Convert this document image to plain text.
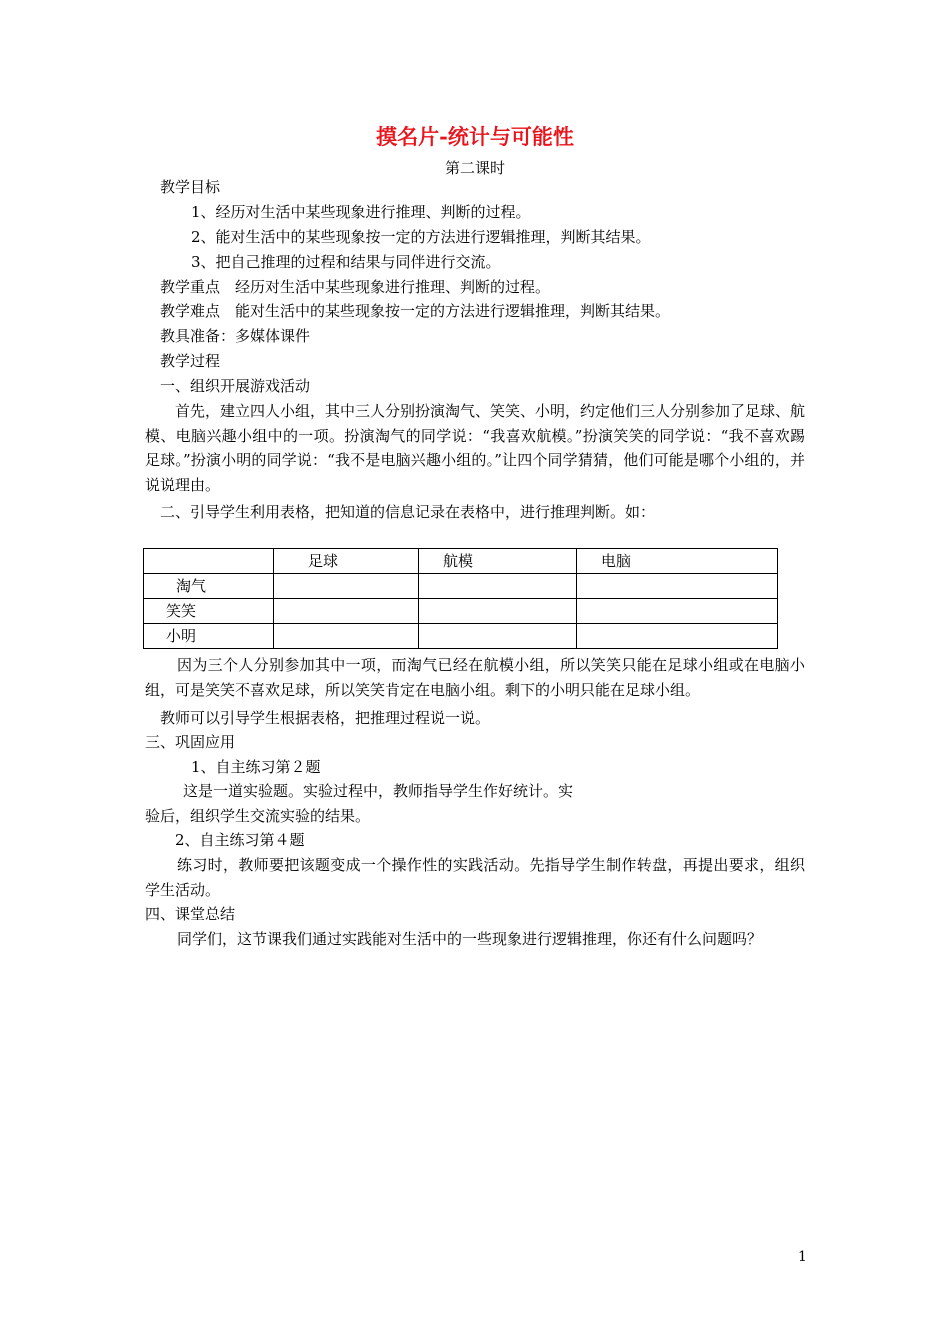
摸名片-统计与可能性
第二课时
教学目标
1、经历对生活中某些现象进行推理、判断的过程。
2、能对生活中的某些现象按一定的方法进行逻辑推理，判断其结果。
3、把自己推理的过程和结果与同伴进行交流。
教学重点　经历对生活中某些现象进行推理、判断的过程。
教学难点　能对生活中的某些现象按一定的方法进行逻辑推理，判断其结果。
教具准备：多媒体课件
教学过程
一、组织开展游戏活动

首先，建立四人小组，其中三人分别扮演淘气、笑笑、小明，约定他们三人分别参加了足球、航模、电脑兴趣小组中的一项。扮演淘气的同学说：“我喜欢航模。”扮演笑笑的同学说：“我不喜欢踢足球。”扮演小明的同学说：“我不是电脑兴趣小组的。”让四个同学猜猜，他们可能是哪个小组的，并说说理由。

二、引导学生利用表格，把知道的信息记录在表格中，进行推理判断。如：
	足球	航模	电脑
淘气			
笑笑			
小明			

因为三个人分别参加其中一项，而淘气已经在航模小组，所以笑笑只能在足球小组或在电脑小组，可是笑笑不喜欢足球，所以笑笑肯定在电脑小组。剩下的小明只能在足球小组。

教师可以引导学生根据表格，把推理过程说一说。
三、巩固应用
1、自主练习第２题
这是一道实验题。实验过程中，教师指导学生作好统计。实
验后，组织学生交流实验的结果。
2、自主练习第４题

练习时，教师要把该题变成一个操作性的实践活动。先指导学生制作转盘，再提出要求，组织学生活动。

四、课堂总结
同学们，这节课我们通过实践能对生活中的一些现象进行逻辑推理，你还有什么问题吗？
1
